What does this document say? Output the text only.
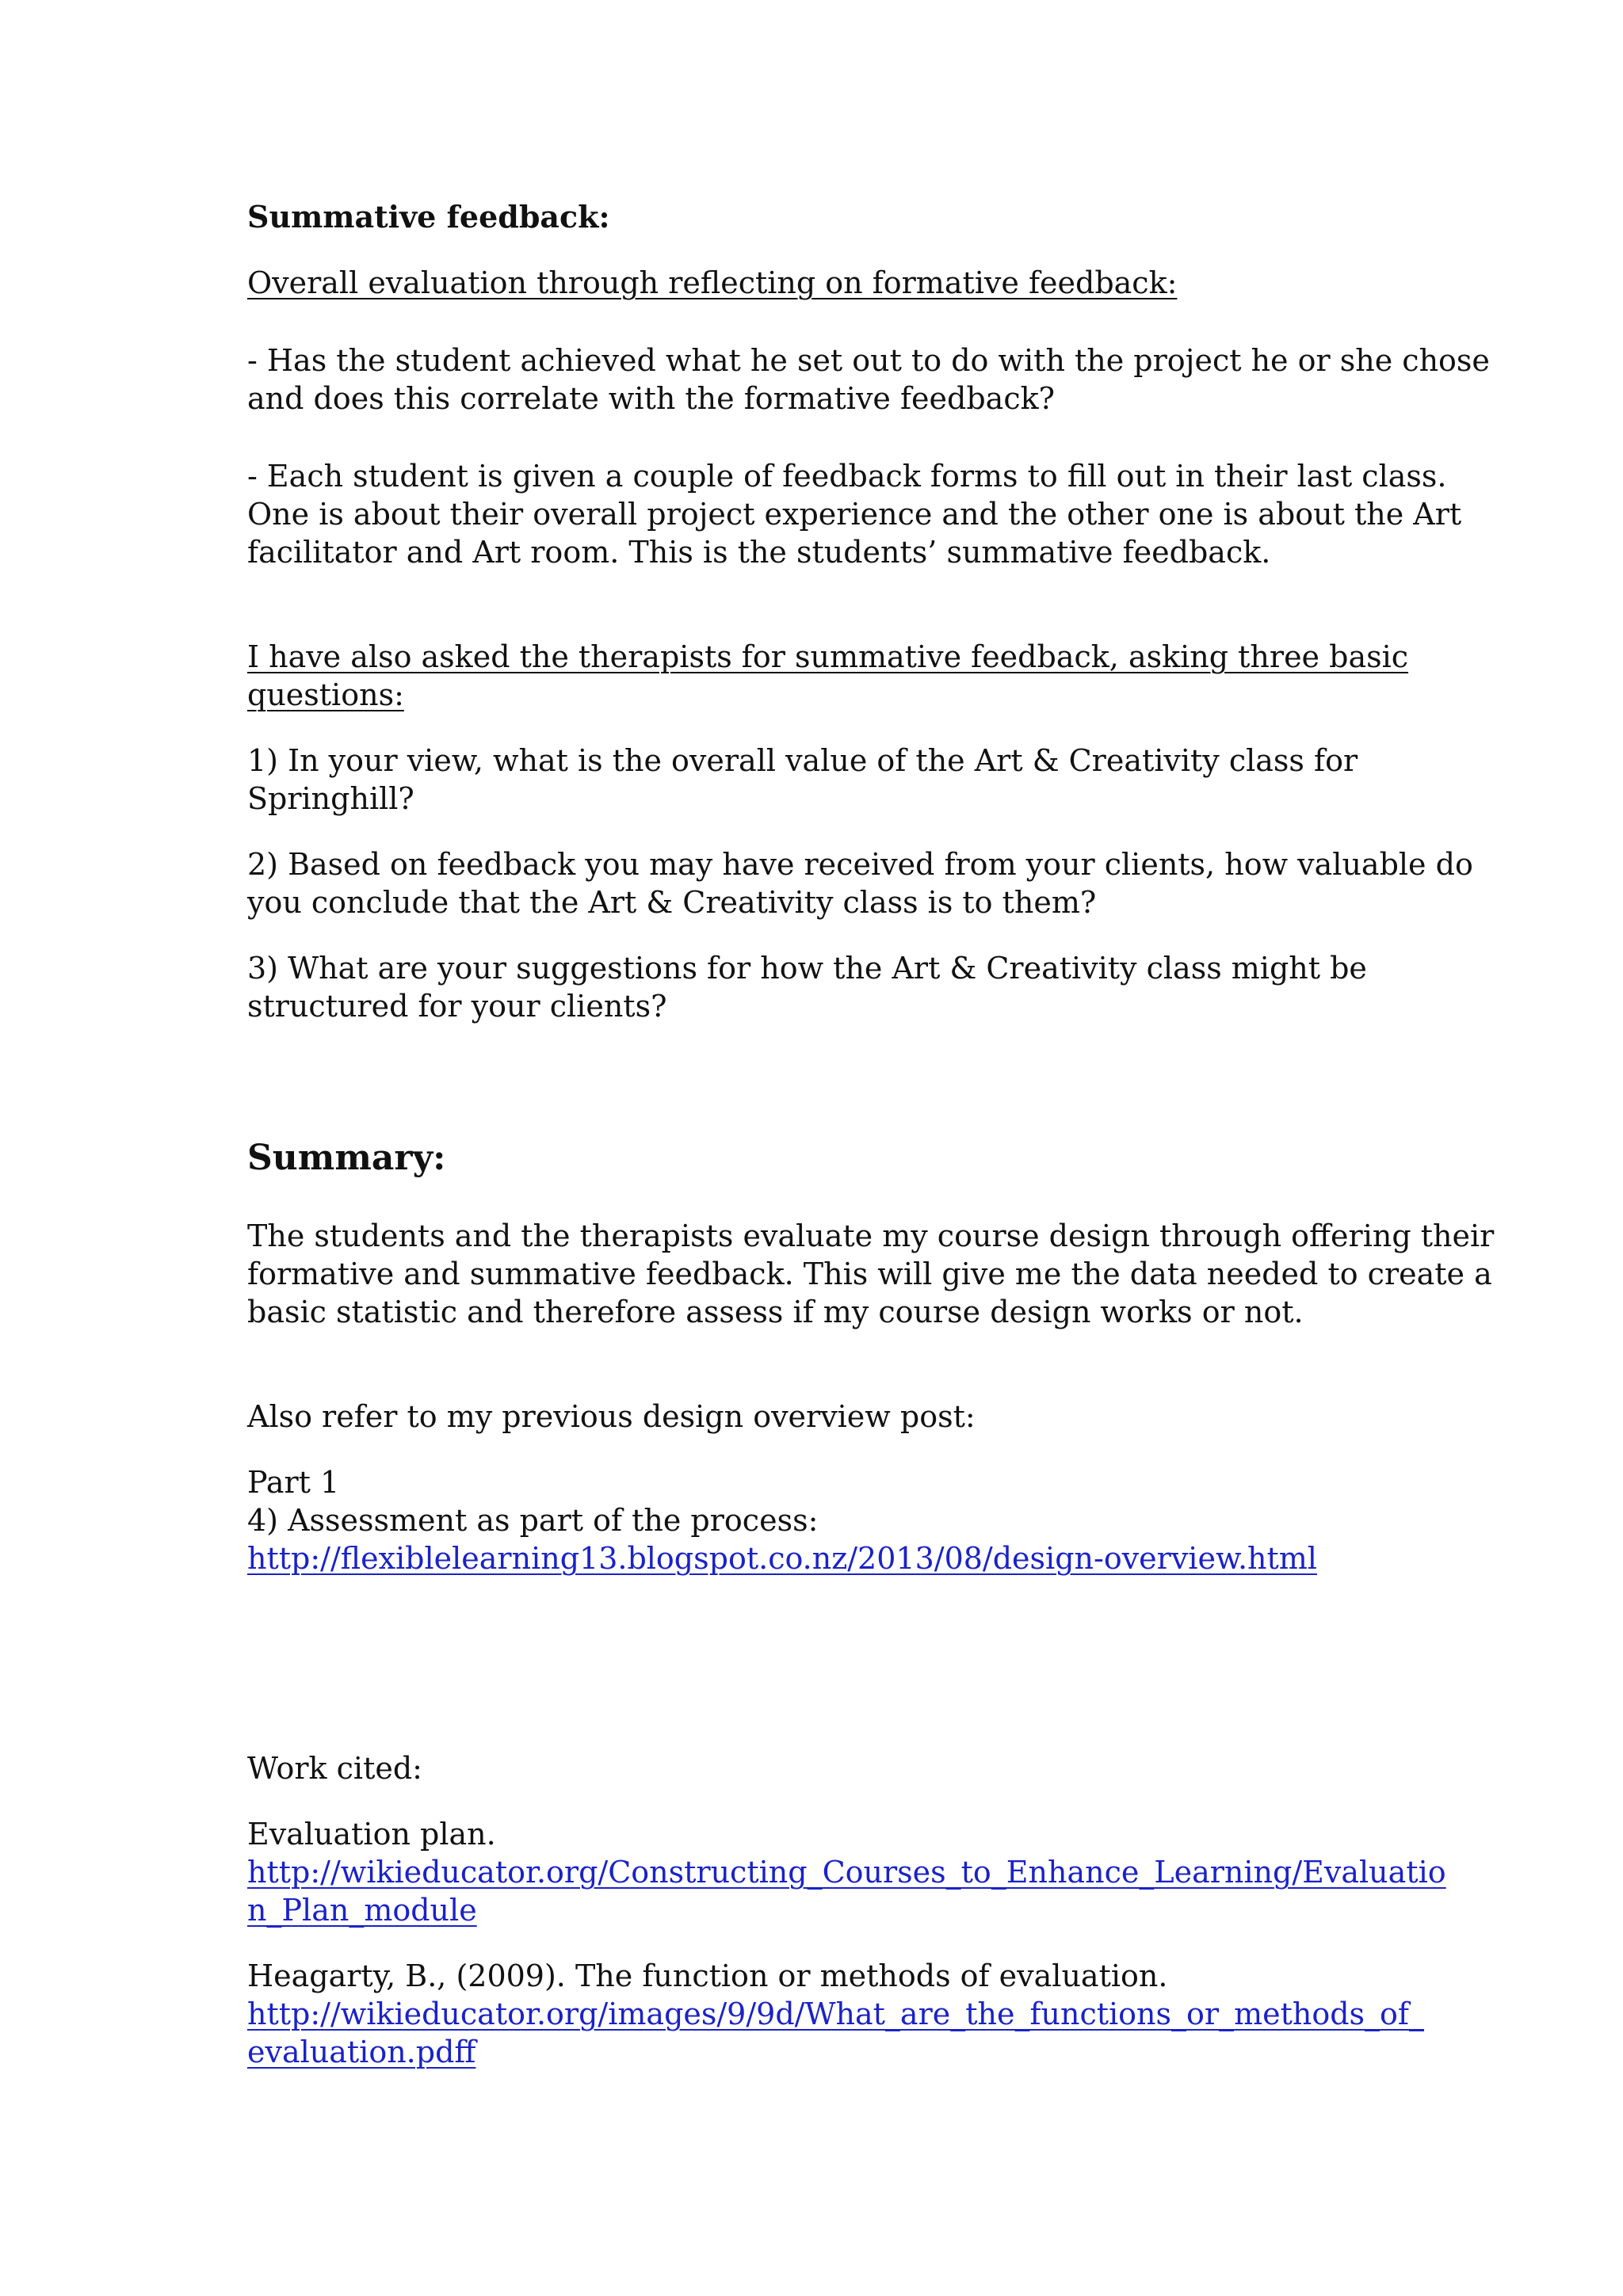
Summative feedback:
Overall evaluation through reflecting on formative feedback:
- Has the student achieved what he set out to do with the project he or she chose
and does this correlate with the formative feedback?
- Each student is given a couple of feedback forms to fill out in their last class.
One is about their overall project experience and the other one is about the Art
facilitator and Art room. This is the students’ summative feedback.
I have also asked the therapists for summative feedback, asking three basic
questions:
1) In your view, what is the overall value of the Art & Creativity class for
Springhill?
2) Based on feedback you may have received from your clients, how valuable do
you conclude that the Art & Creativity class is to them?
3) What are your suggestions for how the Art & Creativity class might be
structured for your clients?
Summary:
The students and the therapists evaluate my course design through offering their
formative and summative feedback. This will give me the data needed to create a
basic statistic and therefore assess if my course design works or not.
Also refer to my previous design overview post:
Part 1
4) Assessment as part of the process:
http://flexiblelearning13.blogspot.co.nz/2013/08/design-overview.html
Work cited:
Evaluation plan.
http://wikieducator.org/Constructing_Courses_to_Enhance_Learning/Evaluatio
n_Plan_module
Heagarty, B., (2009). The function or methods of evaluation.
http://wikieducator.org/images/9/9d/What_are_the_functions_or_methods_of_
evaluation.pdff
